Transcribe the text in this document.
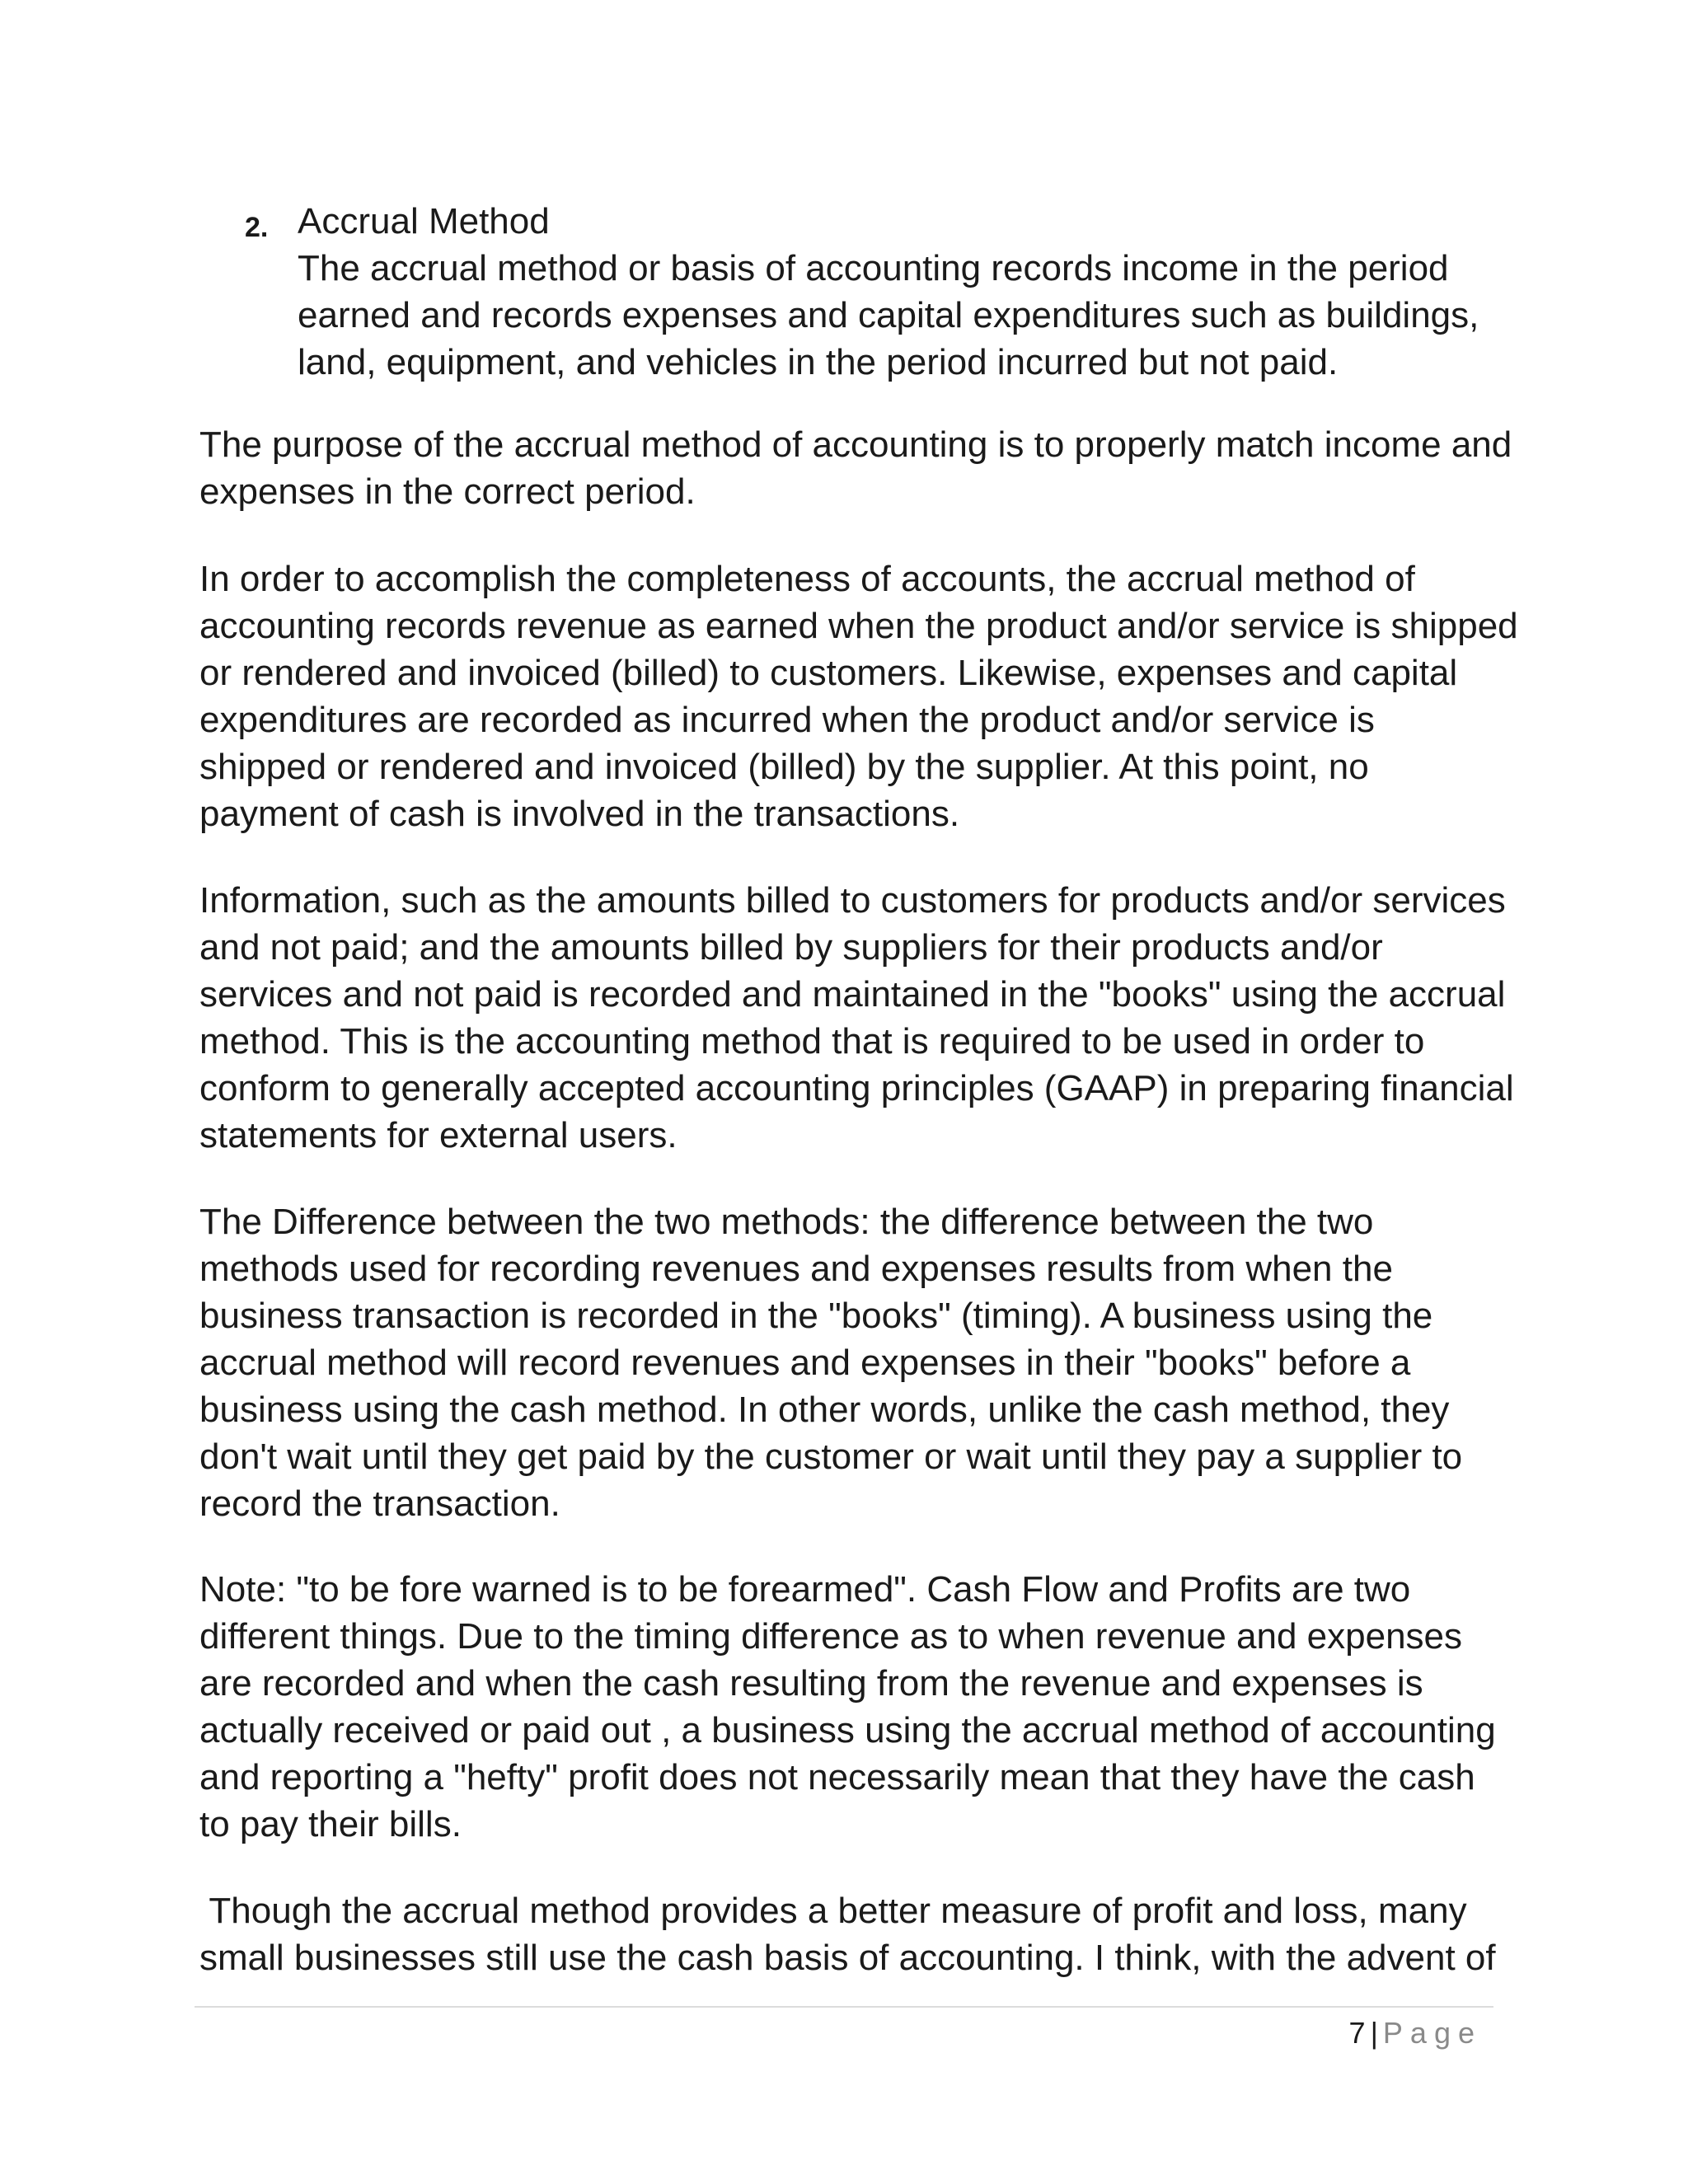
2. Accrual Method
The accrual method or basis of accounting records income in the period
earned and records expenses and capital expenditures such as buildings,
land, equipment, and vehicles in the period incurred but not paid.
The purpose of the accrual method of accounting is to properly match income and
expenses in the correct period.
In order to accomplish the completeness of accounts, the accrual method of
accounting records revenue as earned when the product and/or service is shipped
or rendered and invoiced (billed) to customers. Likewise, expenses and capital
expenditures are recorded as incurred when the product and/or service is
shipped or rendered and invoiced (billed) by the supplier. At this point, no
payment of cash is involved in the transactions.
Information, such as the amounts billed to customers for products and/or services
and not paid; and the amounts billed by suppliers for their products and/or
services and not paid is recorded and maintained in the "books" using the accrual
method. This is the accounting method that is required to be used in order to
conform to generally accepted accounting principles (GAAP) in preparing financial
statements for external users.
The Difference between the two methods: the difference between the two
methods used for recording revenues and expenses results from when the
business transaction is recorded in the "books" (timing). A business using the
accrual method will record revenues and expenses in their "books" before a
business using the cash method. In other words, unlike the cash method, they
don't wait until they get paid by the customer or wait until they pay a supplier to
record the transaction.
Note: "to be fore warned is to be forearmed". Cash Flow and Profits are two
different things. Due to the timing difference as to when revenue and expenses
are recorded and when the cash resulting from the revenue and expenses is
actually received or paid out , a business using the accrual method of accounting
and reporting a "hefty" profit does not necessarily mean that they have the cash
to pay their bills.
Though the accrual method provides a better measure of profit and loss, many
small businesses still use the cash basis of accounting. I think, with the advent of
7 | Page
